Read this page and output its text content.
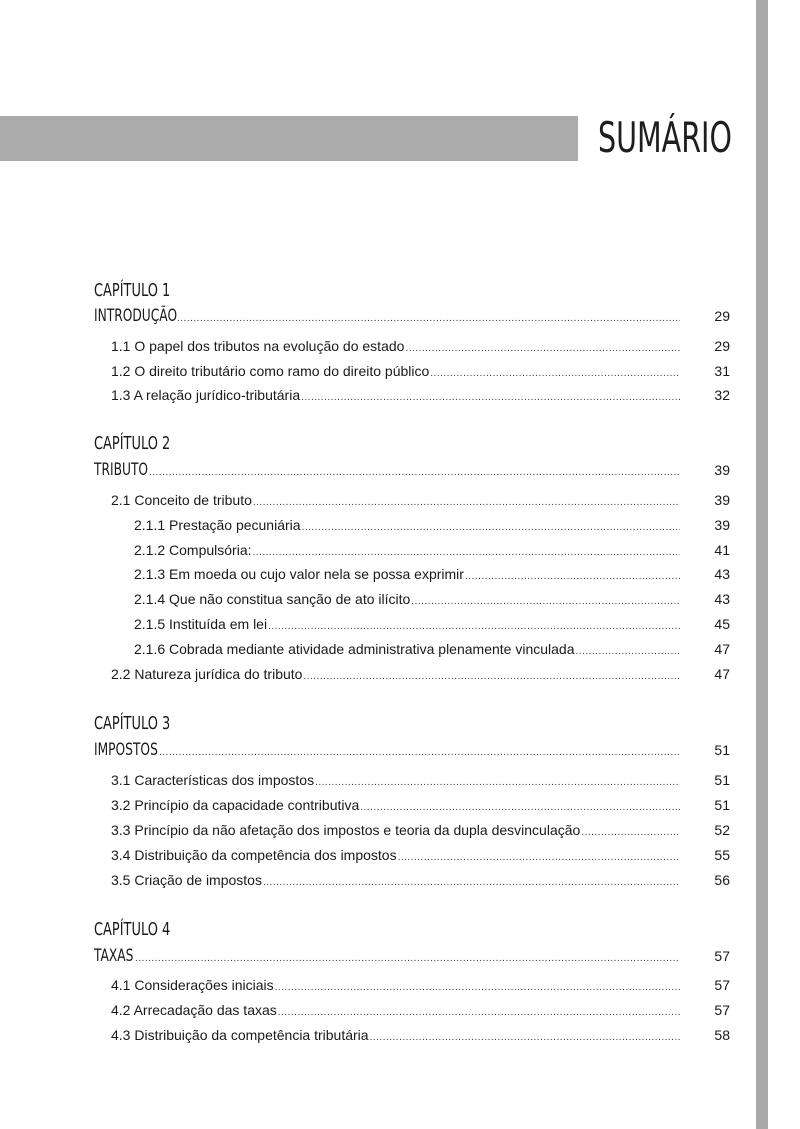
SUMÁRIO
CAPÍTULO 1
INTRODUÇÃO .....	29
1.1 O papel dos tributos na evolução do estado .....	29
1.2 O direito tributário como ramo do direito público .....	31
1.3 A relação jurídico-tributária .....	32
CAPÍTULO 2
TRIBUTO .....	39
2.1 Conceito de tributo .....	39
2.1.1 Prestação pecuniária .....	39
2.1.2 Compulsória: .....	41
2.1.3 Em moeda ou cujo valor nela se possa exprimir .....	43
2.1.4 Que não constitua sanção de ato ilícito .....	43
2.1.5 Instituída em lei .....	45
2.1.6 Cobrada mediante atividade administrativa plenamente vinculada .....	47
2.2 Natureza jurídica do tributo .....	47
CAPÍTULO 3
IMPOSTOS .....	51
3.1 Características dos impostos .....	51
3.2 Princípio da capacidade contributiva .....	51
3.3 Princípio da não afetação dos impostos e teoria da dupla desvinculação .....	52
3.4 Distribuição da competência dos impostos .....	55
3.5 Criação de impostos .....	56
CAPÍTULO 4
TAXAS .....	57
4.1 Considerações iniciais .....	57
4.2 Arrecadação das taxas .....	57
4.3 Distribuição da competência tributária .....	58
